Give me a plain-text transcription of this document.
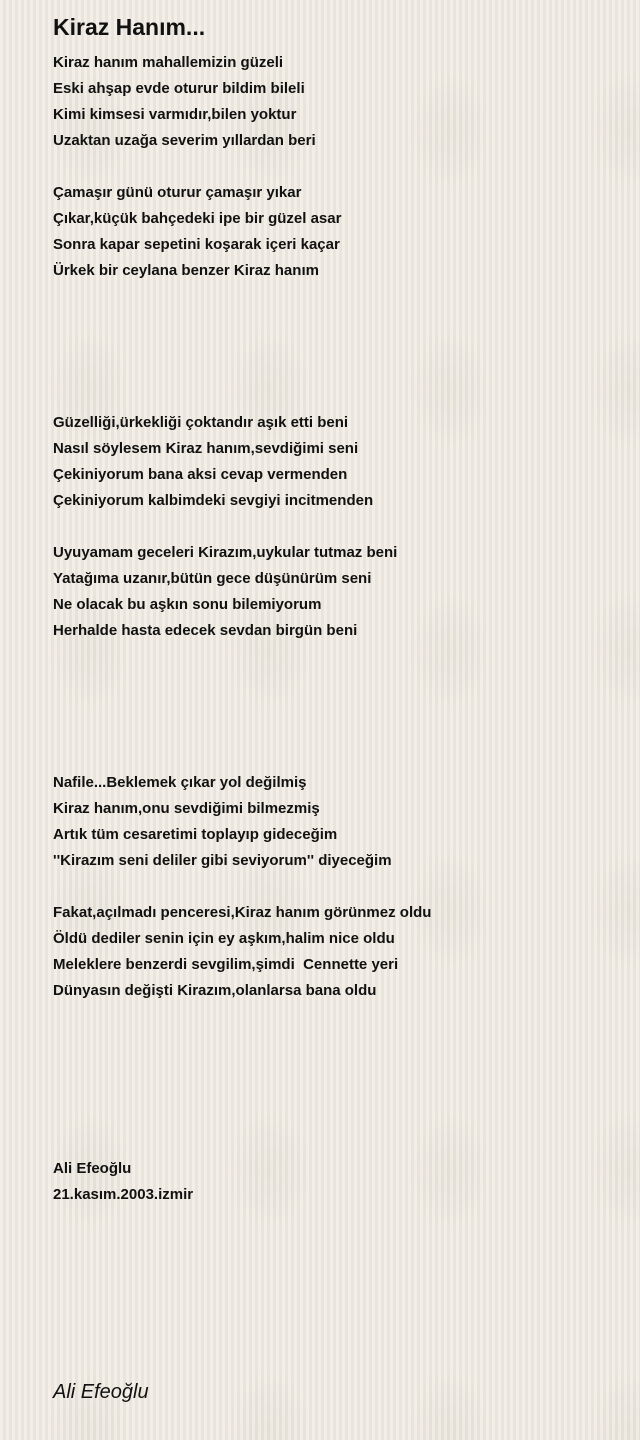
Kiraz Hanım...
Kiraz hanım mahallemizin güzeli
Eski ahşap evde oturur bildim bileli
Kimi kimsesi varmıdır,bilen yoktur
Uzaktan uzağa severim yıllardan beri
Çamaşır günü oturur çamaşır yıkar
Çıkar,küçük bahçedeki ipe bir güzel asar
Sonra kapar sepetini koşarak içeri kaçar
Ürkek bir ceylana benzer Kiraz hanım
Güzelliği,ürkekliği çoktandır aşık etti beni
Nasıl söylesem Kiraz hanım,sevdiğimi seni
Çekiniyorum bana aksi cevap vermenden
Çekiniyorum kalbimdeki sevgiyi incitmenden
Uyuyamam geceleri Kirazım,uykular tutmaz beni
Yatağıma uzanır,bütün gece düşünürüm seni
Ne olacak bu aşkın sonu bilemiyorum
Herhalde hasta edecek sevdan birgün beni
Nafile...Beklemek çıkar yol değilmiş
Kiraz hanım,onu sevdiğimi bilmezmiş
Artık tüm cesaretimi toplayıp gideceğim
''Kirazım seni deliler gibi seviyorum'' diyeceğim
Fakat,açılmadı penceresi,Kiraz hanım görünmez oldu
Öldü dediler senin için ey aşkım,halim nice oldu
Meleklere benzerdi sevgilim,şimdi  Cennette yeri
Dünyasın değişti Kirazım,olanlarsa bana oldu
Ali Efeoğlu
21.kasım.2003.izmir
Ali Efeoğlu
